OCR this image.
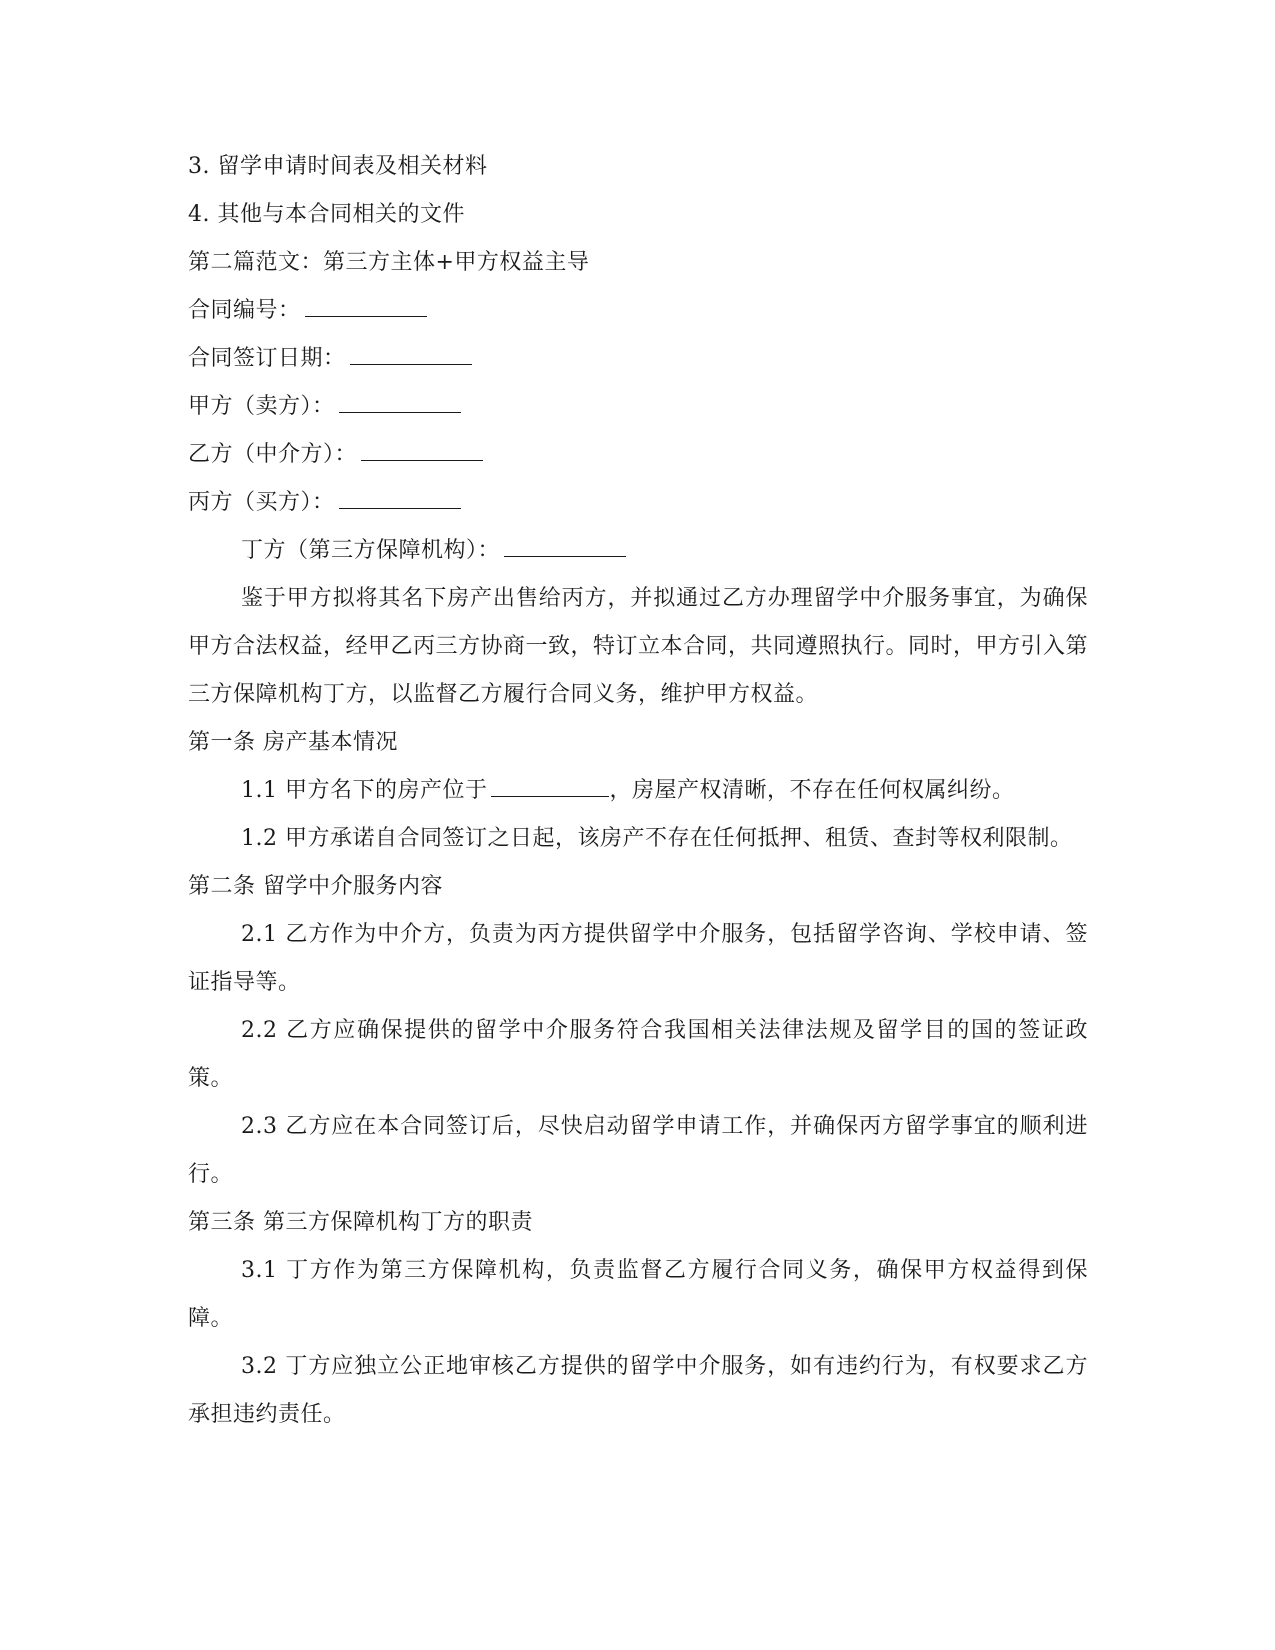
3. 留学申请时间表及相关材料
4. 其他与本合同相关的文件
第二篇范文：第三方主体+甲方权益主导
合同编号：
合同签订日期：
甲方（卖方）：
乙方（中介方）：
丙方（买方）：
丁方（第三方保障机构）：
鉴于甲方拟将其名下房产出售给丙方，并拟通过乙方办理留学中介服务事宜，为确保甲方合法权益，经甲乙丙三方协商一致，特订立本合同，共同遵照执行。同时，甲方引入第三方保障机构丁方，以监督乙方履行合同义务，维护甲方权益。
第一条 房产基本情况
1.1 甲方名下的房产位于	，房屋产权清晰，不存在任何权属纠纷。
1.2 甲方承诺自合同签订之日起，该房产不存在任何抵押、租赁、查封等权利限制。
第二条 留学中介服务内容
2.1 乙方作为中介方，负责为丙方提供留学中介服务，包括留学咨询、学校申请、签证指导等。
2.2 乙方应确保提供的留学中介服务符合我国相关法律法规及留学目的国的签证政策。
2.3 乙方应在本合同签订后，尽快启动留学申请工作，并确保丙方留学事宜的顺利进行。
第三条 第三方保障机构丁方的职责
3.1 丁方作为第三方保障机构，负责监督乙方履行合同义务，确保甲方权益得到保障。
3.2 丁方应独立公正地审核乙方提供的留学中介服务，如有违约行为，有权要求乙方承担违约责任。
